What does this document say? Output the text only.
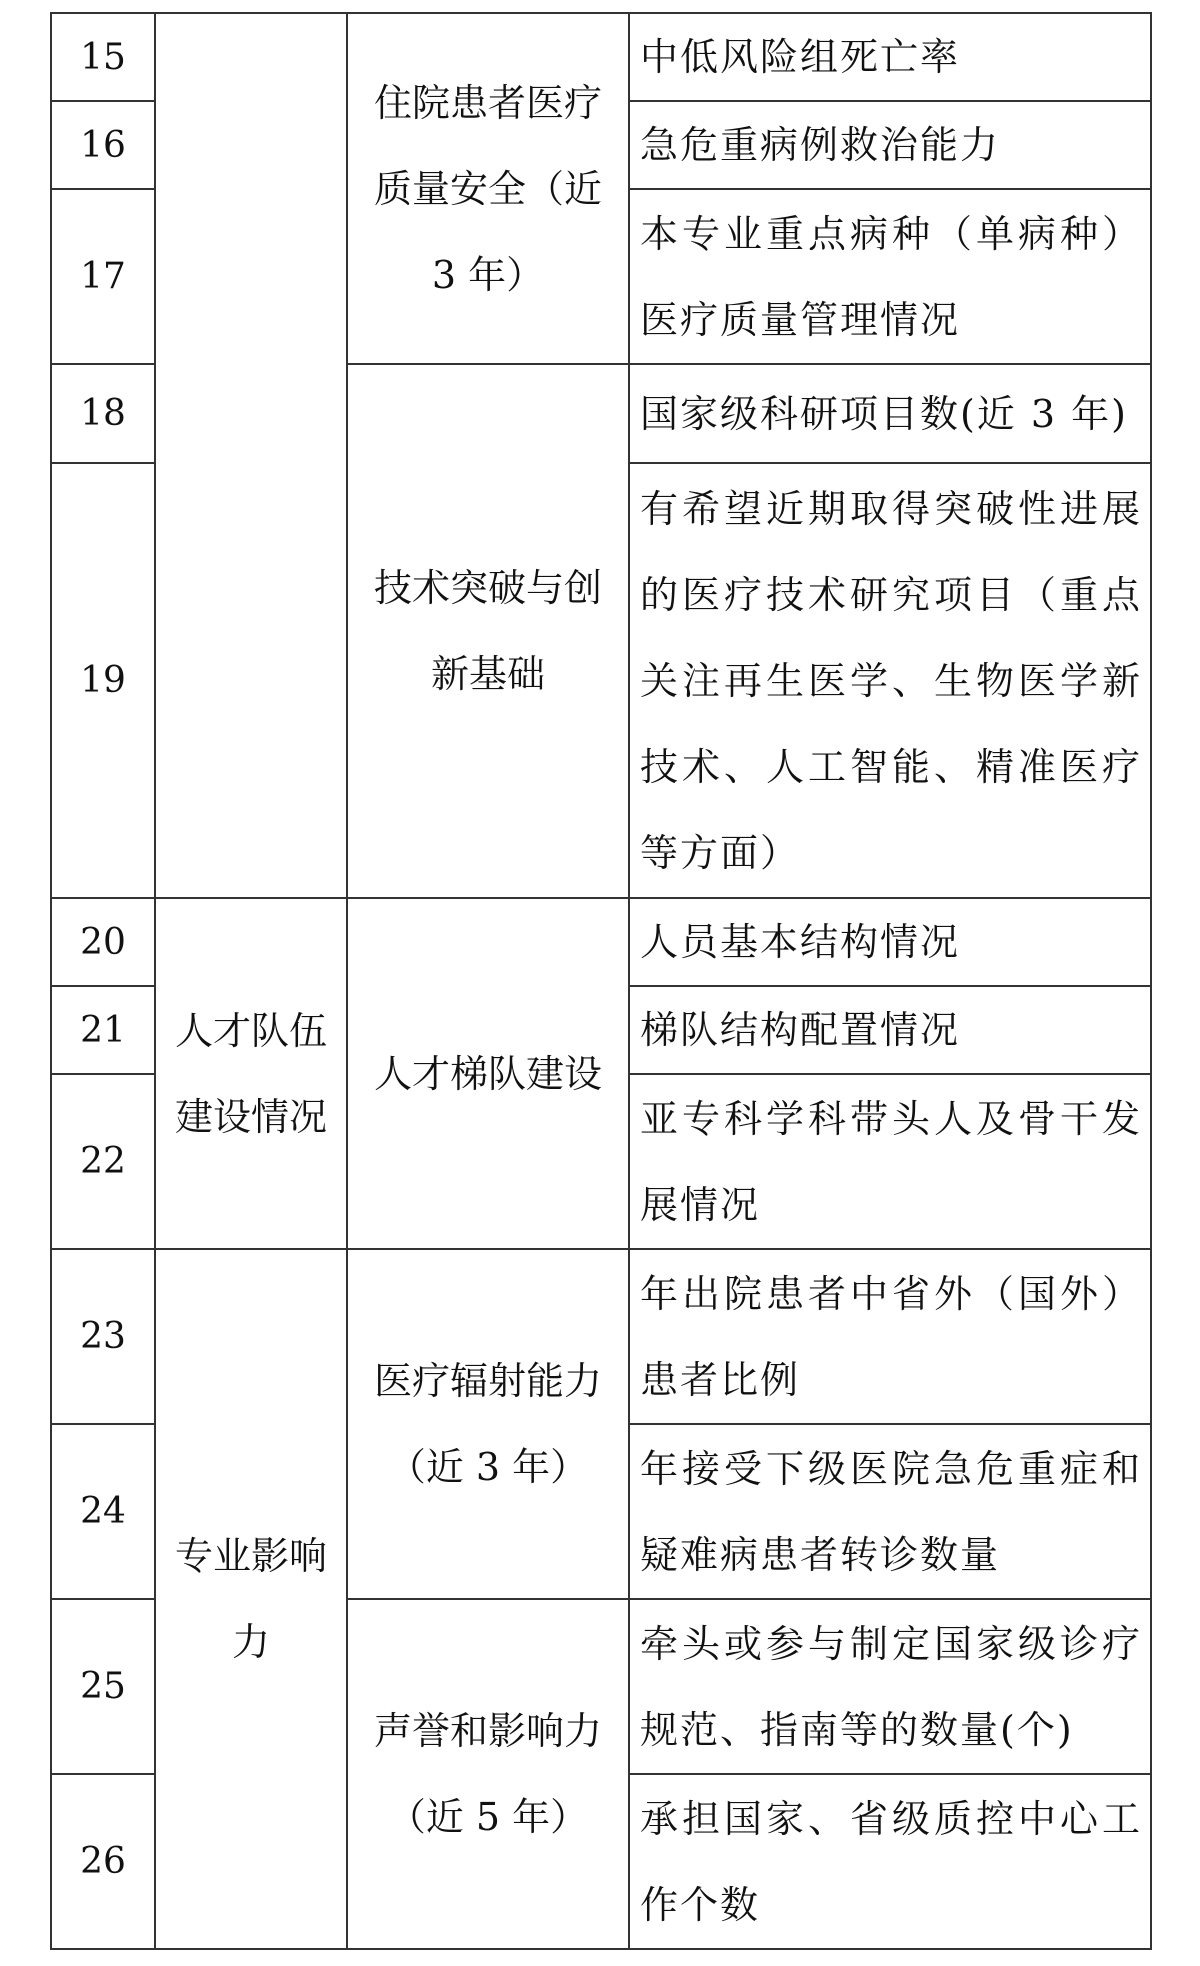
15		住院患者医疗质量安全（近 3 年）	中低风险组死亡率
16			急危重病例救治能力
17			本专业重点病种（单病种）医疗质量管理情况
18		技术突破与创新基础	国家级科研项目数(近 3 年)
19			有希望近期取得突破性进展的医疗技术研究项目（重点关注再生医学、生物医学新技术、人工智能、精准医疗等方面）
20	人才队伍建设情况	人才梯队建设	人员基本结构情况
21			梯队结构配置情况
22			亚专科学科带头人及骨干发展情况
23	专业影响力	医疗辐射能力（近 3 年）	年出院患者中省外（国外）患者比例
24			年接受下级医院急危重症和疑难病患者转诊数量
25		声誉和影响力（近 5 年）	牵头或参与制定国家级诊疗规范、指南等的数量(个)
26			承担国家、省级质控中心工作个数
